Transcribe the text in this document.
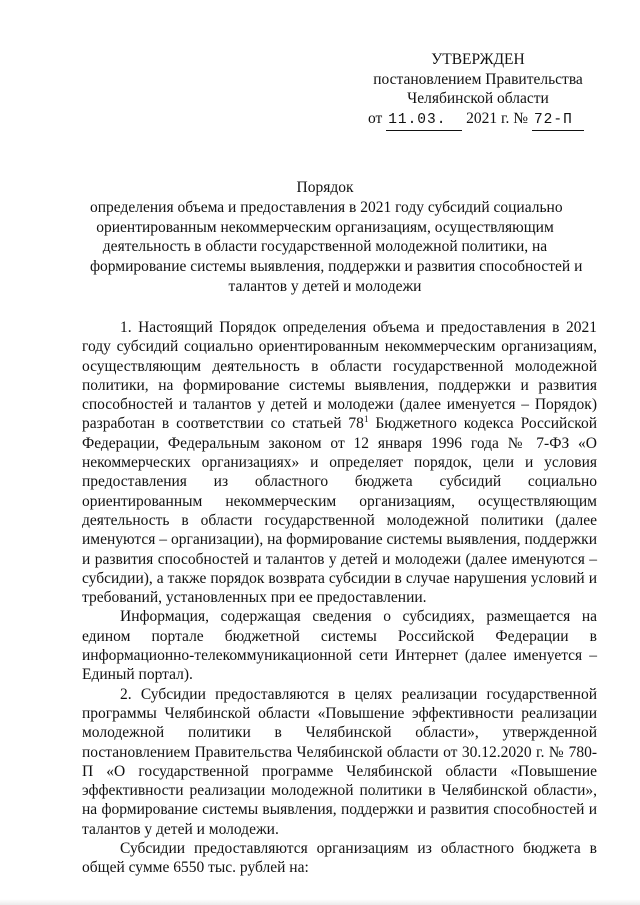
УТВЕРЖДЕН
постановлением Правительства
Челябинской области
от 11.03. 2021 г. № 72-П
Порядок
определения объема и предоставления в 2021 году субсидий социально
ориентированным некоммерческим организациям, осуществляющим
деятельность в области государственной молодежной политики, на
формирование системы выявления, поддержки и развития способностей и
талантов у детей и молодежи

1. Настоящий Порядок определения объема и предоставления в 2021 году субсидий социально ориентированным некоммерческим организациям, осуществляющим деятельность в области государственной молодежной политики, на формирование системы выявления, поддержки и развития способностей и талантов у детей и молодежи (далее именуется – Порядок) разработан в соответствии со статьей $78^1$ Бюджетного кодекса Российской Федерации, Федеральным законом от 12 января 1996 года № 7-ФЗ «О некоммерческих организациях» и определяет порядок, цели и условия предоставления из областного бюджета субсидий социально ориентированным некоммерческим организациям, осуществляющим деятельность в области государственной молодежной политики (далее именуются – организации), на формирование системы выявления, поддержки и развития способностей и талантов у детей и молодежи (далее именуются – субсидии), а также порядок возврата субсидии в случае нарушения условий и требований, установленных при ее предоставлении.

Информация, содержащая сведения о субсидиях, размещается на едином портале бюджетной системы Российской Федерации в информационно-телекоммуникационной сети Интернет (далее именуется – Единый портал).

2. Субсидии предоставляются в целях реализации государственной программы Челябинской области «Повышение эффективности реализации молодежной политики в Челябинской области», утвержденной постановлением Правительства Челябинской области от 30.12.2020 г. № 780-П «О государственной программе Челябинской области «Повышение эффективности реализации молодежной политики в Челябинской области», на формирование системы выявления, поддержки и развития способностей и талантов у детей и молодежи.

Субсидии предоставляются организациям из областного бюджета в общей сумме 6550 тыс. рублей на:
